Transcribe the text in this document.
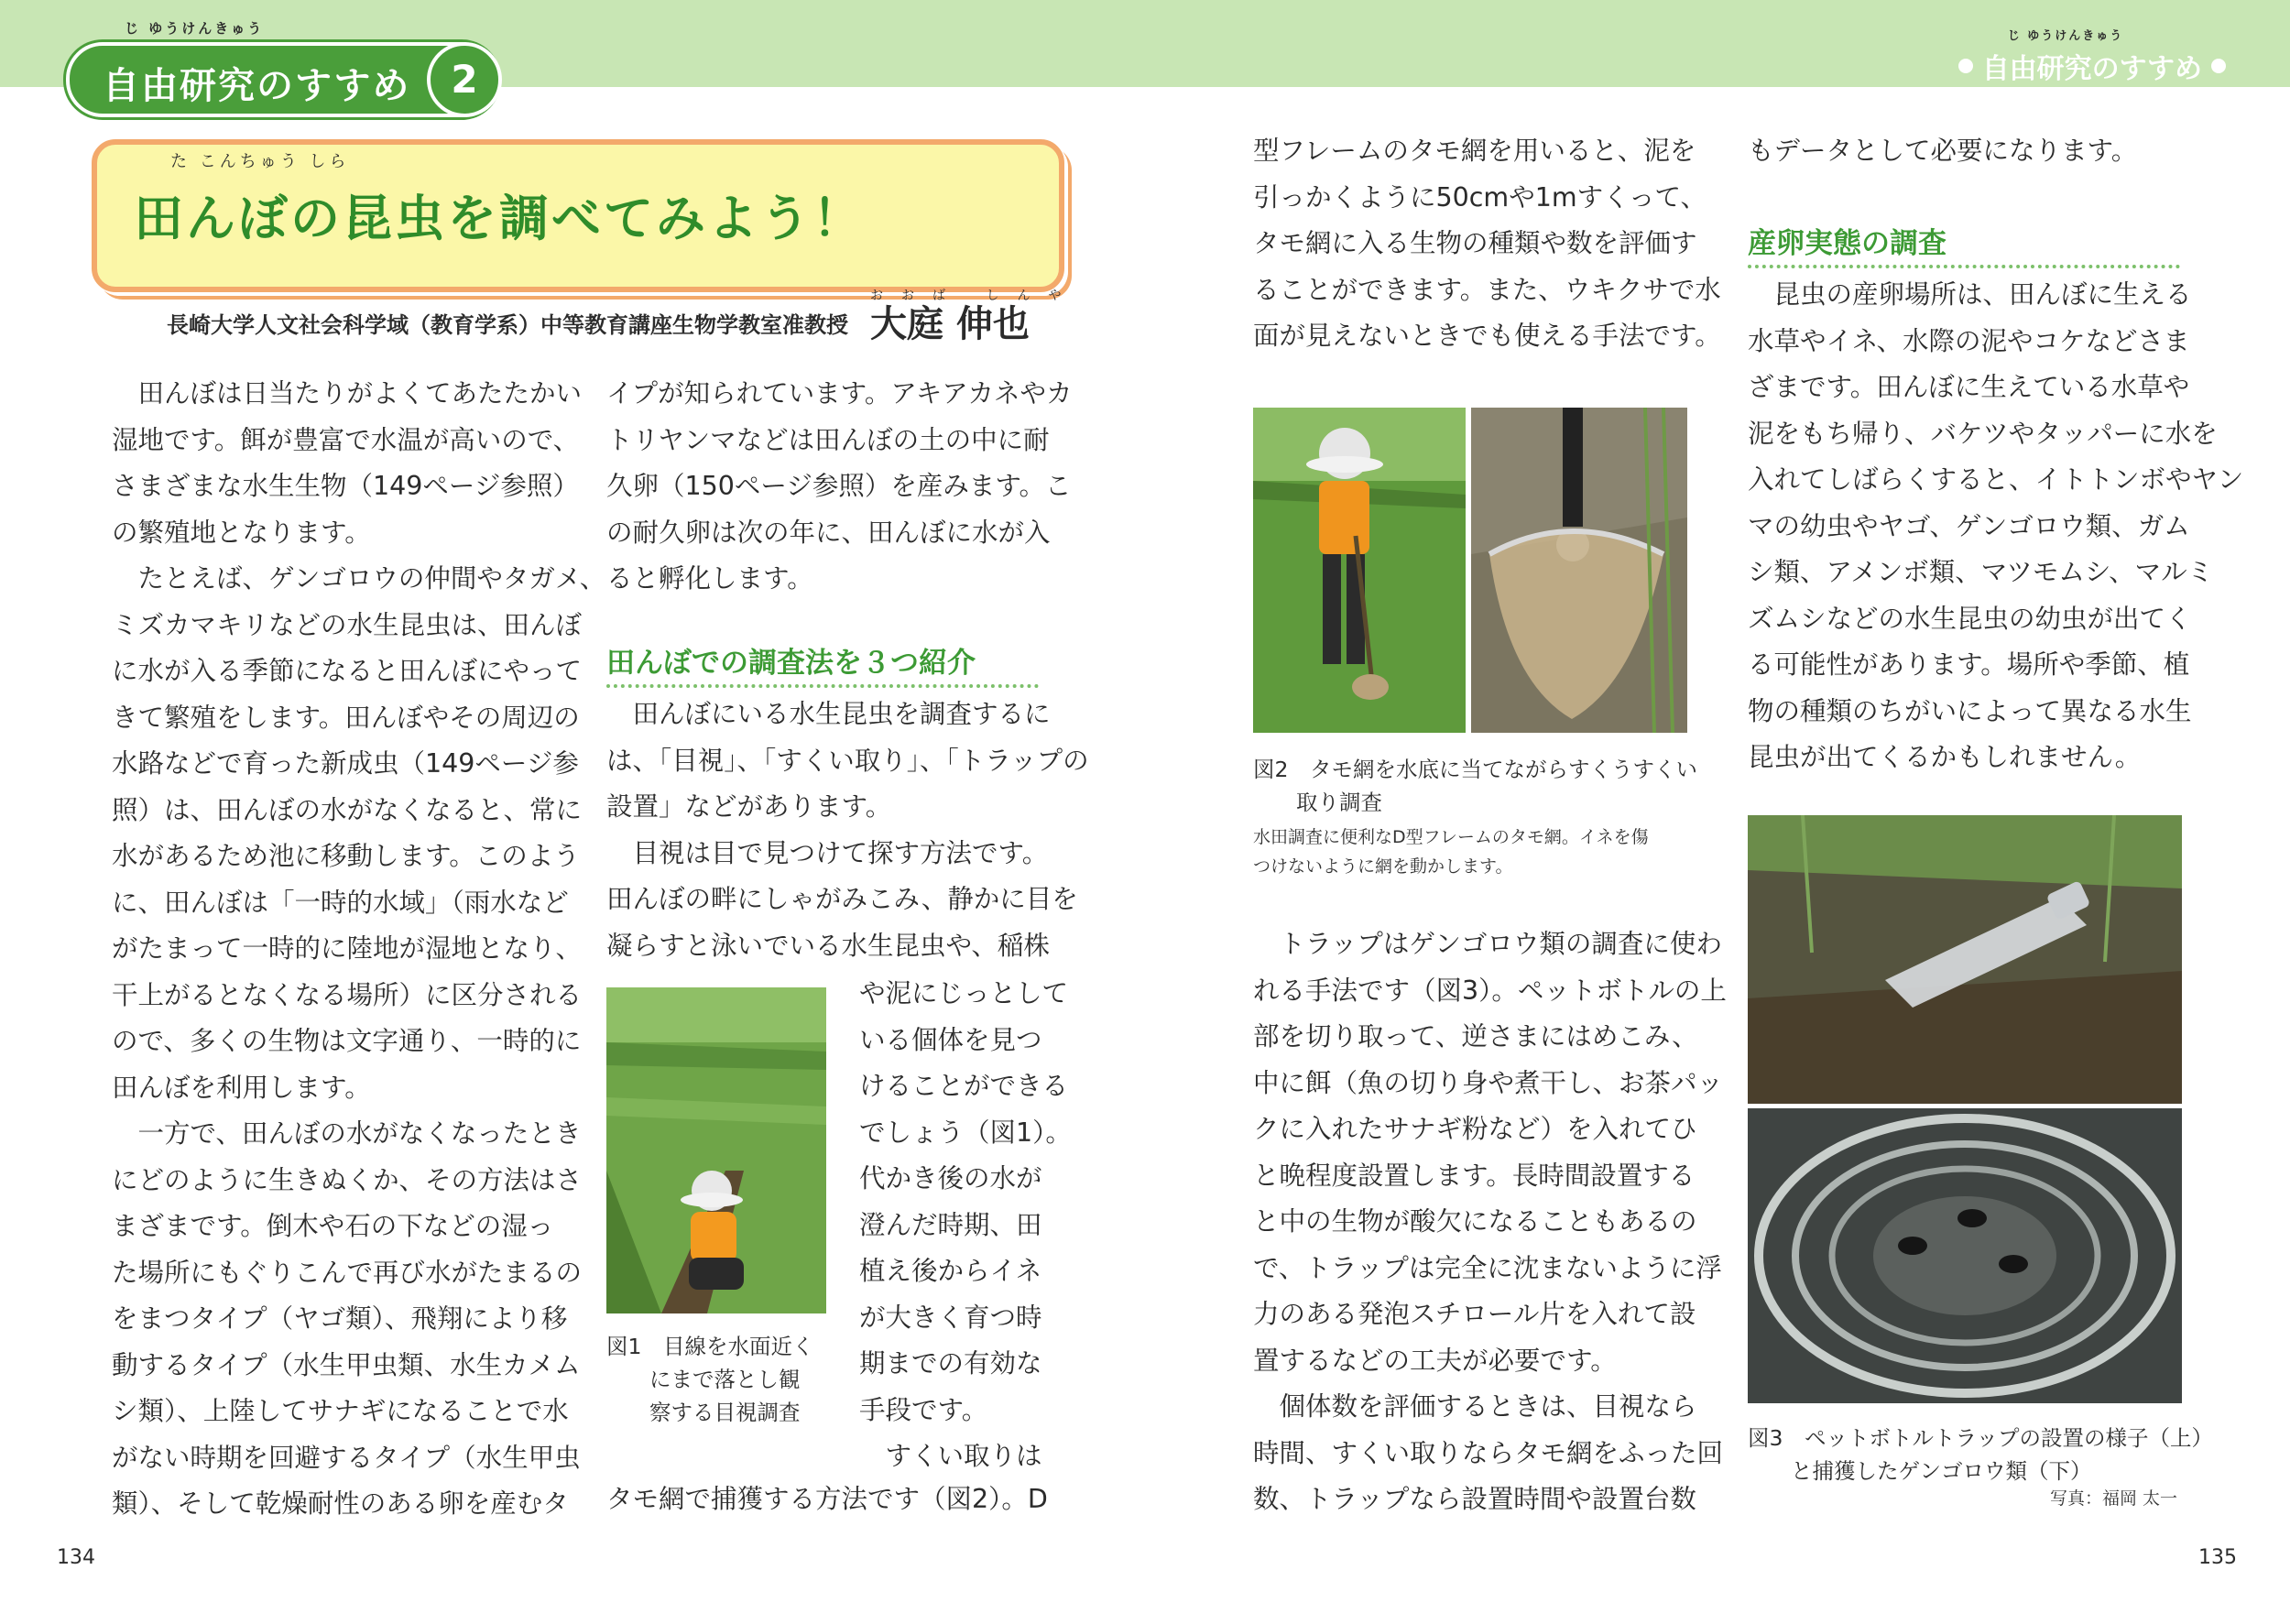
じ ゆうけんきゅう
自由研究のすすめ	2
じ ゆうけんきゅう
自由研究のすすめ
た こんちゅう しら
田んぼの昆虫を調べてみよう！
長崎大学人文社会科学域（教育学系）中等教育講座生物学教室准教授
おおば しんや
大庭 伸也

　田んぼは日当たりがよくてあたたかい

湿地です。餌が豊富で水温が高いので、

さまざまな水生生物（149ページ参照）

の繁殖地となります。

　たとえば、ゲンゴロウの仲間やタガメ、

ミズカマキリなどの水生昆虫は、田んぼ

に水が入る季節になると田んぼにやって

きて繁殖をします。田んぼやその周辺の

水路などで育った新成虫（149ページ参

照）は、田んぼの水がなくなると、常に

水があるため池に移動します。このよう

に、田んぼは「一時的水域」（雨水など

がたまって一時的に陸地が湿地となり、

干上がるとなくなる場所）に区分される

ので、多くの生物は文字通り、一時的に

田んぼを利用します。

　一方で、田んぼの水がなくなったとき

にどのように生きぬくか、その方法はさ

まざまです。倒木や石の下などの湿っ

た場所にもぐりこんで再び水がたまるの

をまつタイプ（ヤゴ類）、飛翔により移

動するタイプ（水生甲虫類、水生カメム

シ類）、上陸してサナギになることで水

がない時期を回避するタイプ（水生甲虫

類）、そして乾燥耐性のある卵を産むタ

イプが知られています。アキアカネやカ

トリヤンマなどは田んぼの土の中に耐

久卵（150ページ参照）を産みます。こ

の耐久卵は次の年に、田んぼに水が入

ると孵化します。

田んぼでの調査法を３つ紹介

　田んぼにいる水生昆虫を調査するに

は、「目視」、「すくい取り」、「トラップの

設置」などがあります。

　目視は目で見つけて探す方法です。

田んぼの畔にしゃがみこみ、静かに目を

凝らすと泳いでいる水生昆虫や、稲株

や泥にじっとして

いる個体を見つ

けることができる

でしょう（図1）。

代かき後の水が

澄んだ時期、田

植え後からイネ

が大きく育つ時

期までの有効な

手段です。

　すくい取りは

図1　目線を水面近く

　　にまで落とし観

　　察する目視調査

タモ網で捕獲する方法です（図2）。D

型フレームのタモ網を用いると、泥を

引っかくように50cmや1mすくって、

タモ網に入る生物の種類や数を評価す

ることができます。また、ウキクサで水

面が見えないときでも使える手法です。

図2　タモ網を水底に当てながらすくうすくい

　　取り調査

水田調査に便利なD型フレームのタモ網。イネを傷

つけないように網を動かします。

　トラップはゲンゴロウ類の調査に使わ

れる手法です（図3）。ペットボトルの上

部を切り取って、逆さまにはめこみ、

中に餌（魚の切り身や煮干し、お茶パッ

クに入れたサナギ粉など）を入れてひ

と晩程度設置します。長時間設置する

と中の生物が酸欠になることもあるの

で、トラップは完全に沈まないように浮

力のある発泡スチロール片を入れて設

置するなどの工夫が必要です。

　個体数を評価するときは、目視なら

時間、すくい取りならタモ網をふった回

数、トラップなら設置時間や設置台数

もデータとして必要になります。
産卵実態の調査

　昆虫の産卵場所は、田んぼに生える

水草やイネ、水際の泥やコケなどさま

ざまです。田んぼに生えている水草や

泥をもち帰り、バケツやタッパーに水を

入れてしばらくすると、イトトンボやヤン

マの幼虫やヤゴ、ゲンゴロウ類、ガム

シ類、アメンボ類、マツモムシ、マルミ

ズムシなどの水生昆虫の幼虫が出てく

る可能性があります。場所や季節、植

物の種類のちがいによって異なる水生

昆虫が出てくるかもしれません。

図3　ペットボトルトラップの設置の様子（上）

　　と捕獲したゲンゴロウ類（下）

写真：福岡 太一
134	135
